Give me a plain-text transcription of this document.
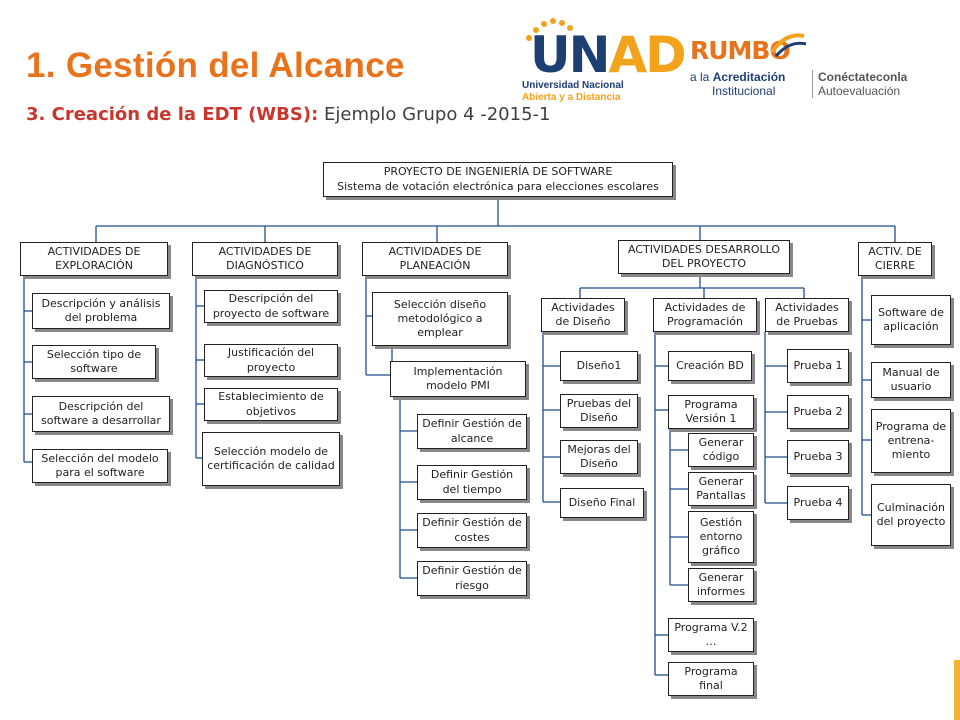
1. Gestión del Alcance
3. Creación de la EDT (WBS): Ejemplo Grupo 4 -2015-1
UNAD
Universidad Nacional
Abierta y a Distancia
RUMBO
a la Acreditación
Institucional
Conéctateconla
Autoevaluación
PROYECTO DE INGENIERÍA DE SOFTWARE
Sistema de votación electrónica para elecciones escolares
ACTIVIDADES DE EXPLORACIÓN
ACTIVIDADES DE DIAGNÓSTICO
ACTIVIDADES DE PLANEACIÓN
ACTIVIDADES DESARROLLO DEL PROYECTO
ACTIV. DE CIERRE
Descripción y análisis del problema
Selección tipo de software
Descripción del software a desarrollar
Selección del modelo para el software
Descripción del proyecto de software
Justificación del proyecto
Establecimiento de objetivos
Selección modelo de certificación de calidad
Selección diseño metodológico a emplear
Implementación modelo PMI
Definir Gestión de alcance
Definir Gestión del tiempo
Definir Gestión de costes
Definir Gestión de riesgo
Actividades de Diseño
Actividades de Programación
Actividades de Pruebas
Diseño1
Pruebas del Diseño
Mejoras del Diseño
Diseño Final
Creación BD
Programa Versión 1
Generar código
Generar Pantallas
Gestión entorno gráfico
Generar informes
Programa V.2 …
Programa final
Prueba 1
Prueba 2
Prueba 3
Prueba 4
Software de aplicación
Manual de usuario
Programa de entrena-miento
Culminación del proyecto
